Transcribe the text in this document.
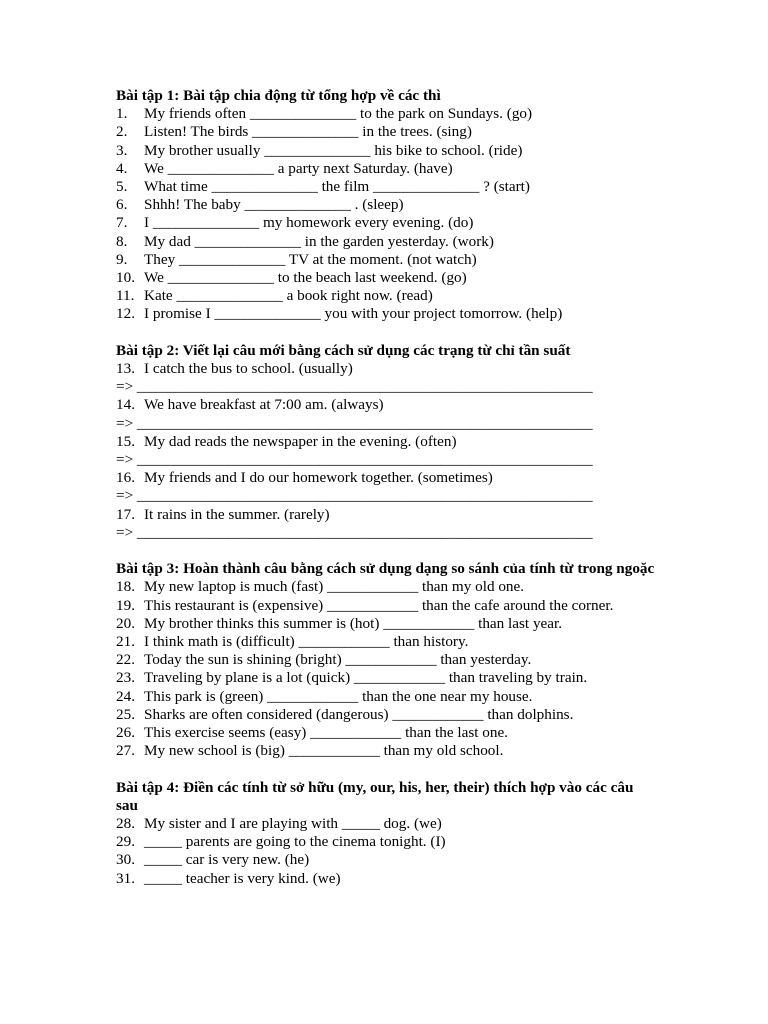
Bài tập 1: Bài tập chia động từ tổng hợp về các thì
1.	My friends often ______________ to the park on Sundays. (go)
2.	Listen! The birds ______________ in the trees. (sing)
3.	My brother usually ______________ his bike to school. (ride)
4.	We ______________ a party next Saturday. (have)
5.	What time ______________ the film ______________ ? (start)
6.	Shhh! The baby ______________ . (sleep)
7.	I ______________ my homework every evening. (do)
8.	My dad ______________ in the garden yesterday. (work)
9.	They ______________ TV at the moment. (not watch)
10. We ______________ to the beach last weekend. (go)
11. Kate ______________ a book right now. (read)
12. I promise I ______________ you with your project tomorrow. (help)
Bài tập 2: Viết lại câu mới bằng cách sử dụng các trạng từ chỉ tần suất
13. I catch the bus to school. (usually)
=> ____________________________________________________________
14. We have breakfast at 7:00 am. (always)
=> ____________________________________________________________
15. My dad reads the newspaper in the evening. (often)
=> ____________________________________________________________
16. My friends and I do our homework together. (sometimes)
=> ____________________________________________________________
17. It rains in the summer. (rarely)
=> ____________________________________________________________
Bài tập 3: Hoàn thành câu bằng cách sử dụng dạng so sánh của tính từ trong ngoặc
18. My new laptop is much (fast) ____________ than my old one.
19. This restaurant is (expensive) ____________ than the cafe around the corner.
20. My brother thinks this summer is (hot) ____________ than last year.
21. I think math is (difficult) ____________ than history.
22. Today the sun is shining (bright) ____________ than yesterday.
23. Traveling by plane is a lot (quick) ____________ than traveling by train.
24. This park is (green) ____________ than the one near my house.
25. Sharks are often considered (dangerous) ____________ than dolphins.
26. This exercise seems (easy) ____________ than the last one.
27. My new school is (big) ____________ than my old school.
Bài tập 4: Điền các tính từ sở hữu (my, our, his, her, their) thích hợp vào các câu sau
28. My sister and I are playing with _____ dog. (we)
29. _____ parents are going to the cinema tonight. (I)
30. _____ car is very new. (he)
31. _____ teacher is very kind. (we)
